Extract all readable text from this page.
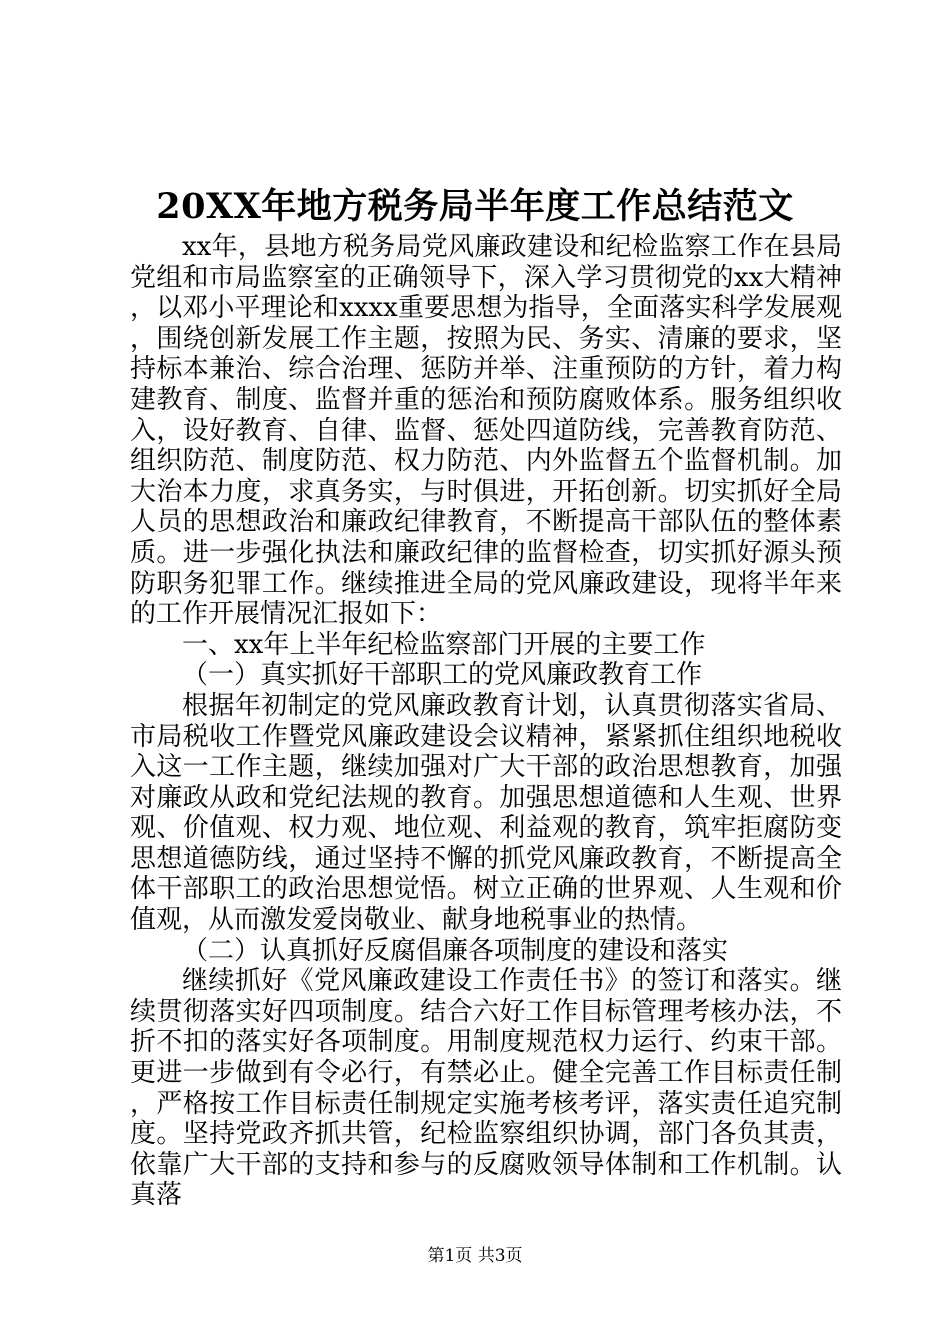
20XX年地方税务局半年度工作总结范文

xx年，县地方税务局党风廉政建设和纪检监察工作在县局党组和市局监察室的正确领导下，深入学习贯彻党的xx大精神，以邓小平理论和xxxx重要思想为指导，全面落实科学发展观，围绕创新发展工作主题，按照为民、务实、清廉的要求，坚持标本兼治、综合治理、惩防并举、注重预防的方针，着力构建教育、制度、监督并重的惩治和预防腐败体系。服务组织收入，设好教育、自律、监督、惩处四道防线，完善教育防范、组织防范、制度防范、权力防范、内外监督五个监督机制。加大治本力度，求真务实，与时俱进，开拓创新。切实抓好全局人员的思想政治和廉政纪律教育，不断提高干部队伍的整体素质。进一步强化执法和廉政纪律的监督检查，切实抓好源头预防职务犯罪工作。继续推进全局的党风廉政建设，现将半年来的工作开展情况汇报如下：

一、xx年上半年纪检监察部门开展的主要工作

（一）真实抓好干部职工的党风廉政教育工作

根据年初制定的党风廉政教育计划，认真贯彻落实省局、市局税收工作暨党风廉政建设会议精神，紧紧抓住组织地税收入这一工作主题，继续加强对广大干部的政治思想教育，加强对廉政从政和党纪法规的教育。加强思想道德和人生观、世界观、价值观、权力观、地位观、利益观的教育，筑牢拒腐防变思想道德防线，通过坚持不懈的抓党风廉政教育，不断提高全体干部职工的政治思想觉悟。树立正确的世界观、人生观和价值观，从而激发爱岗敬业、献身地税事业的热情。

（二）认真抓好反腐倡廉各项制度的建设和落实

继续抓好《党风廉政建设工作责任书》的签订和落实。继续贯彻落实好四项制度。结合六好工作目标管理考核办法，不折不扣的落实好各项制度。用制度规范权力运行、约束干部。更进一步做到有令必行，有禁必止。健全完善工作目标责任制，严格按工作目标责任制规定实施考核考评，落实责任追究制度。坚持党政齐抓共管，纪检监察组织协调，部门各负其责，依靠广大干部的支持和参与的反腐败领导体制和工作机制。认真落

第1页 共3页
